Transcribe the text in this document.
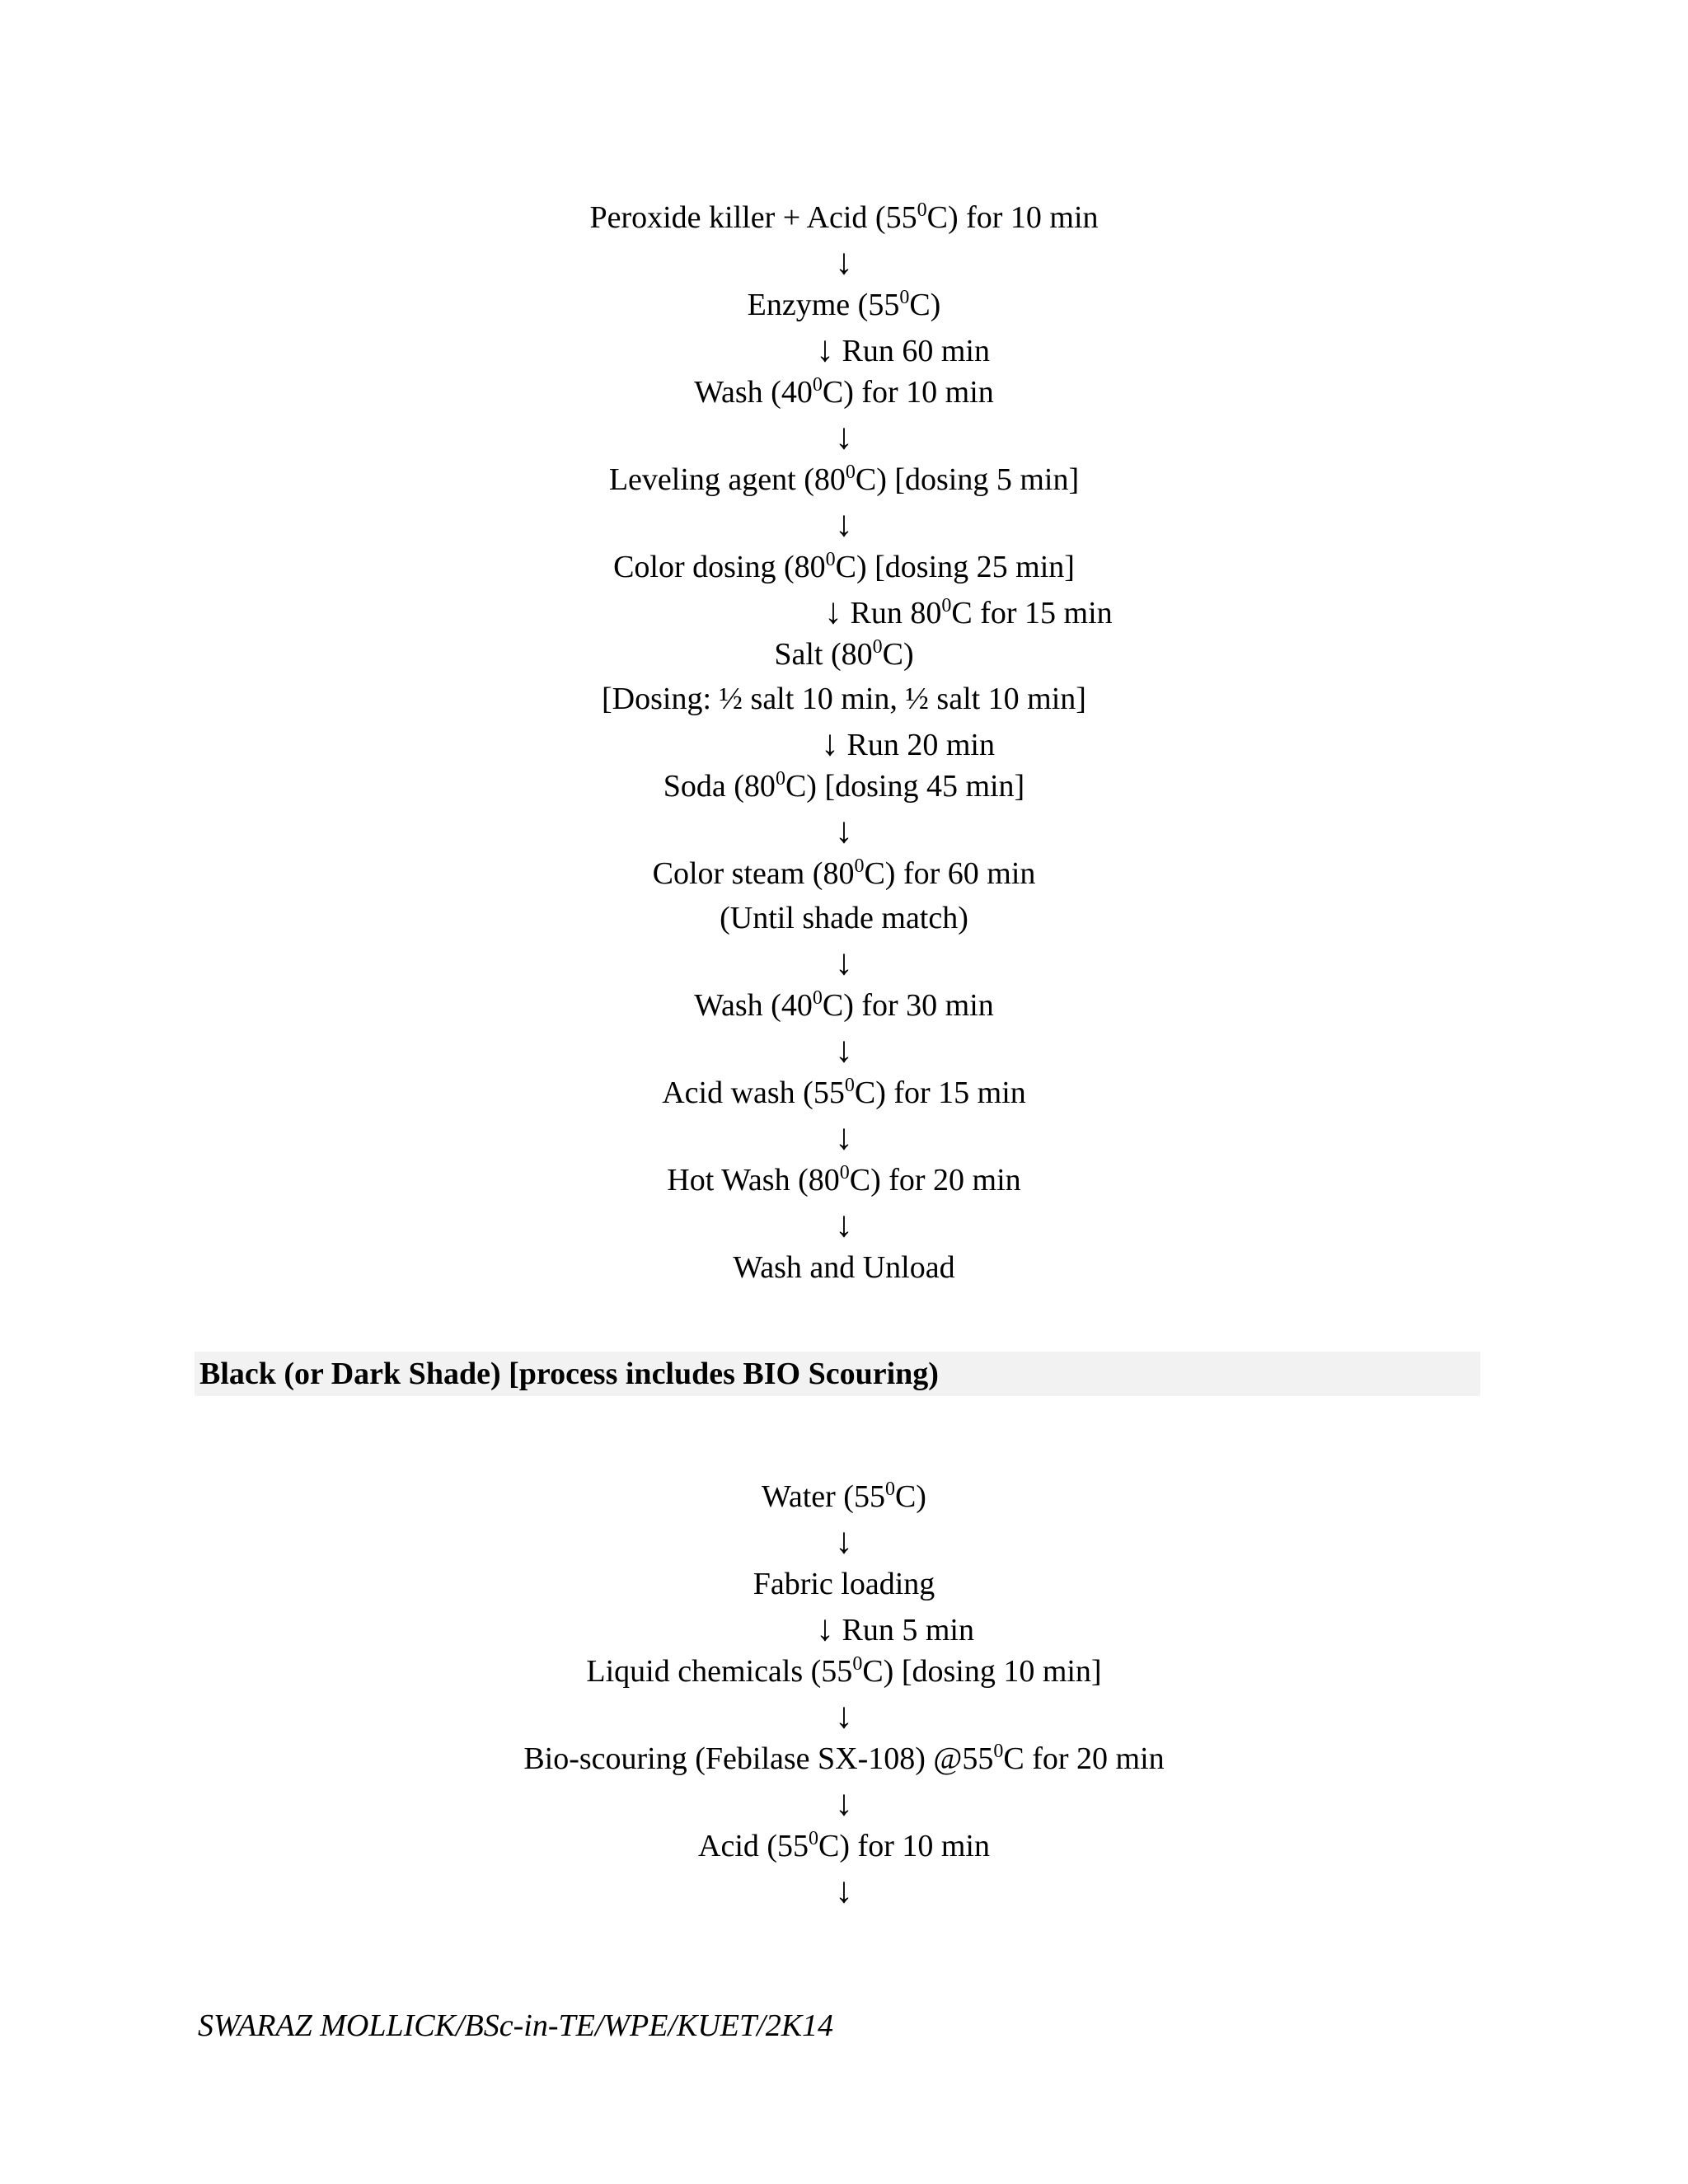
Peroxide killer + Acid $(55^0C)$ for 10 min
↓
Enzyme $(55^0C)$
↓ Run 60 min
Wash $(40^0C)$ for 10 min
↓
Leveling agent $(80^0C)$ [dosing 5 min]
↓
Color dosing $(80^0C)$ [dosing 25 min]
↓ Run $80^0C$ for 15 min
Salt $(80^0C)$
[Dosing: ½ salt 10 min, ½ salt 10 min]
↓ Run 20 min
Soda $(80^0C)$ [dosing 45 min]
↓
Color steam $(80^0C)$ for 60 min
(Until shade match)
↓
Wash $(40^0C)$ for 30 min
↓
Acid wash $(55^0C)$ for 15 min
↓
Hot Wash $(80^0C)$ for 20 min
↓
Wash and Unload
Black (or Dark Shade) [process includes BIO Scouring)
Water $(55^0C)$
↓
Fabric loading
↓ Run 5 min
Liquid chemicals $(55^0C)$ [dosing 10 min]
↓
Bio-scouring (Febilase SX-108) $@55^0C$ for 20 min
↓
Acid $(55^0C)$ for 10 min
↓
SWARAZ MOLLICK/BSc-in-TE/WPE/KUET/2K14
